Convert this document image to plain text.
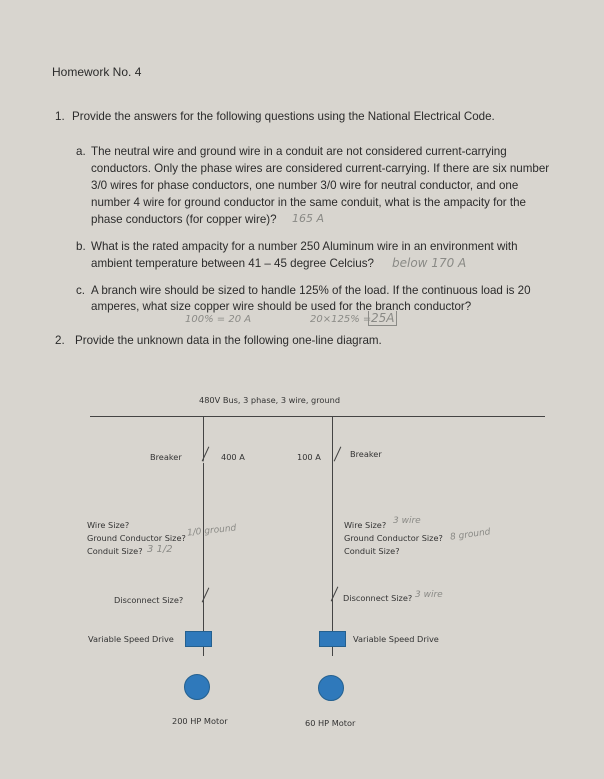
Homework No. 4
1. Provide the answers for the following questions using the National Electrical Code.
a. The neutral wire and ground wire in a conduit are not considered current-carrying
conductors. Only the phase wires are considered current-carrying. If there are six number
3/0 wires for phase conductors, one number 3/0 wire for neutral conductor, and one
number 4 wire for ground conductor in the same conduit, what is the ampacity for the
phase conductors (for copper wire)? 165 A
b. What is the rated ampacity for a number 250 Aluminum wire in an environment with
ambient temperature between 41 – 45 degree Celcius? below 170 A
c. A branch wire should be sized to handle 125% of the load. If the continuous load is 20
amperes, what size copper wire should be used for the branch conductor?
100% = 20 A	20×125% = 25A
2. Provide the unknown data in the following one-line diagram.
480V Bus, 3 phase, 3 wire, ground
Breaker	400 A	100 A	Breaker
Wire Size?
Ground Conductor Size? 1/0 ground
Conduit Size? 3 1/2
Wire Size? 3 wire
Ground Conductor Size? 8 ground
Conduit Size?
Disconnect Size?	Disconnect Size? 3 wire
Variable Speed Drive	Variable Speed Drive
200 HP Motor	60 HP Motor
